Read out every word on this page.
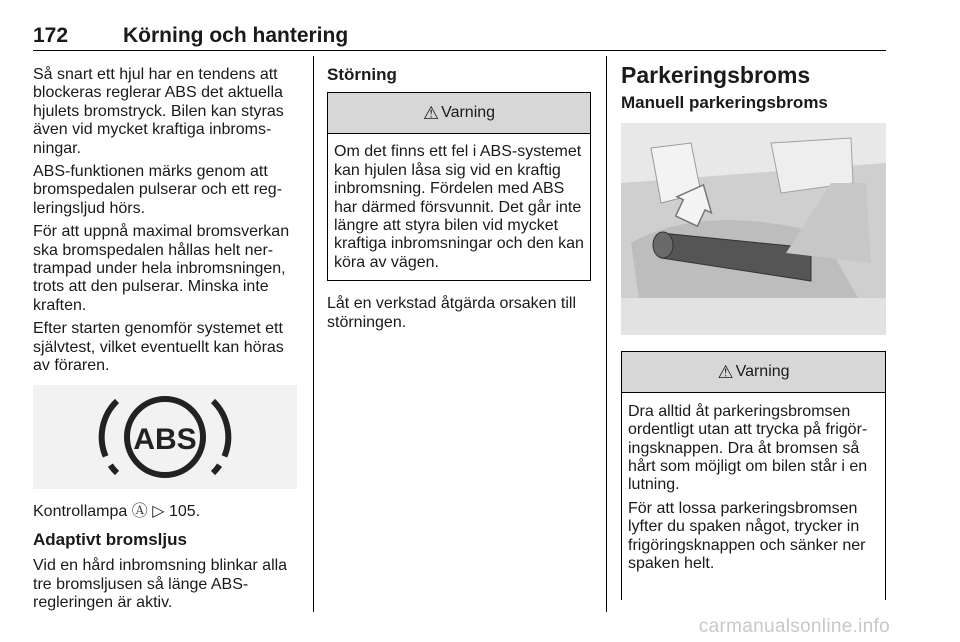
172	Körning och hantering

Så snart ett hjul har en tendens att blockeras reglerar ABS det aktuella hjulets bromstryck. Bilen kan styras även vid mycket kraftiga inbroms-ningar.

ABS-funktionen märks genom att bromspedalen pulserar och ett reg-leringsljud hörs.

För att uppnå maximal bromsverkan ska bromspedalen hållas helt ner-trampad under hela inbromsningen, trots att den pulserar. Minska inte kraften.

Efter starten genomför systemet ett självtest, vilket eventuellt kan höras av föraren.

ABS

Kontrollampa Ⓐ ▷ 105.

Adaptivt bromsljus

Vid en hård inbromsning blinkar alla tre bromsljusen så länge ABS-regleringen är aktiv.

Störning
⚠ Varning
Om det finns ett fel i ABS-systemet kan hjulen låsa sig vid en kraftig inbromsning. Fördelen med ABS har därmed försvunnit. Det går inte längre att styra bilen vid mycket kraftiga inbromsningar och den kan köra av vägen.

Låt en verkstad åtgärda orsaken till störningen.

Parkeringsbroms
Manuell parkeringsbroms
⚠ Varning

Dra alltid åt parkeringsbromsen ordentligt utan att trycka på frigör-ingsknappen. Dra åt bromsen så hårt som möjligt om bilen står i en lutning.

För att lossa parkeringsbromsen lyfter du spaken något, trycker in frigöringsknappen och sänker ner spaken helt.

carmanualsonline.info
